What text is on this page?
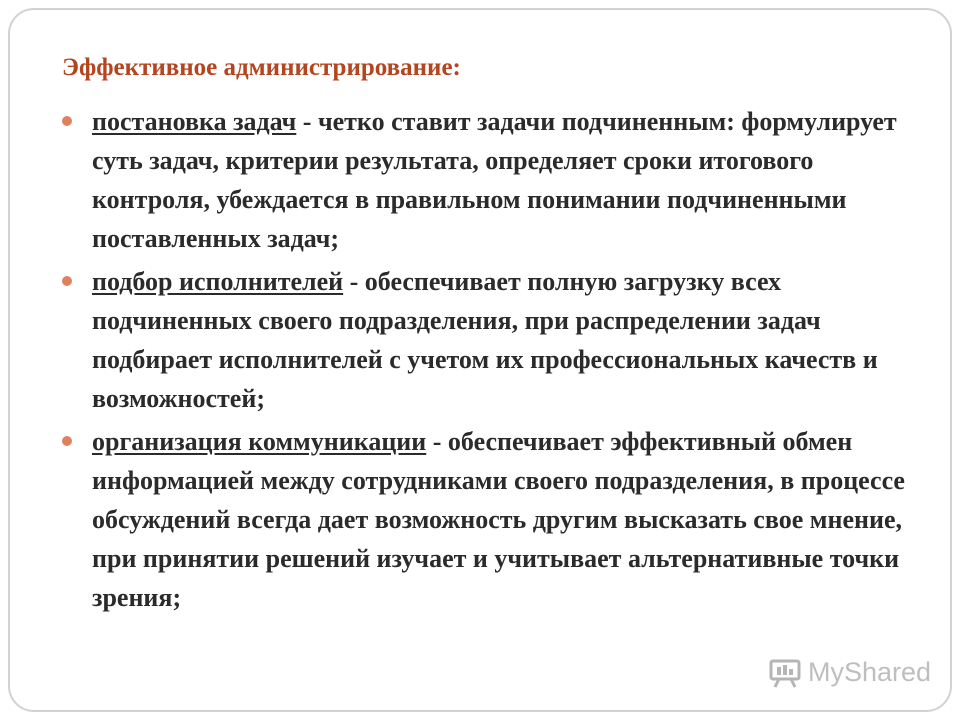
Эффективное администрирование:
постановка задач - четко ставит задачи подчиненным: формулирует суть задач, критерии результата, определяет сроки итогового контроля, убеждается в правильном понимании подчиненными поставленных задач;
подбор исполнителей - обеспечивает полную загрузку всех подчиненных своего подразделения, при распределении задач подбирает исполнителей с учетом их профессиональных качеств и возможностей;
организация коммуникации - обеспечивает эффективный обмен информацией между сотрудниками своего подразделения, в процессе обсуждений всегда дает возможность другим высказать свое мнение, при принятии решений изучает и учитывает альтернативные точки зрения;
MyShared
